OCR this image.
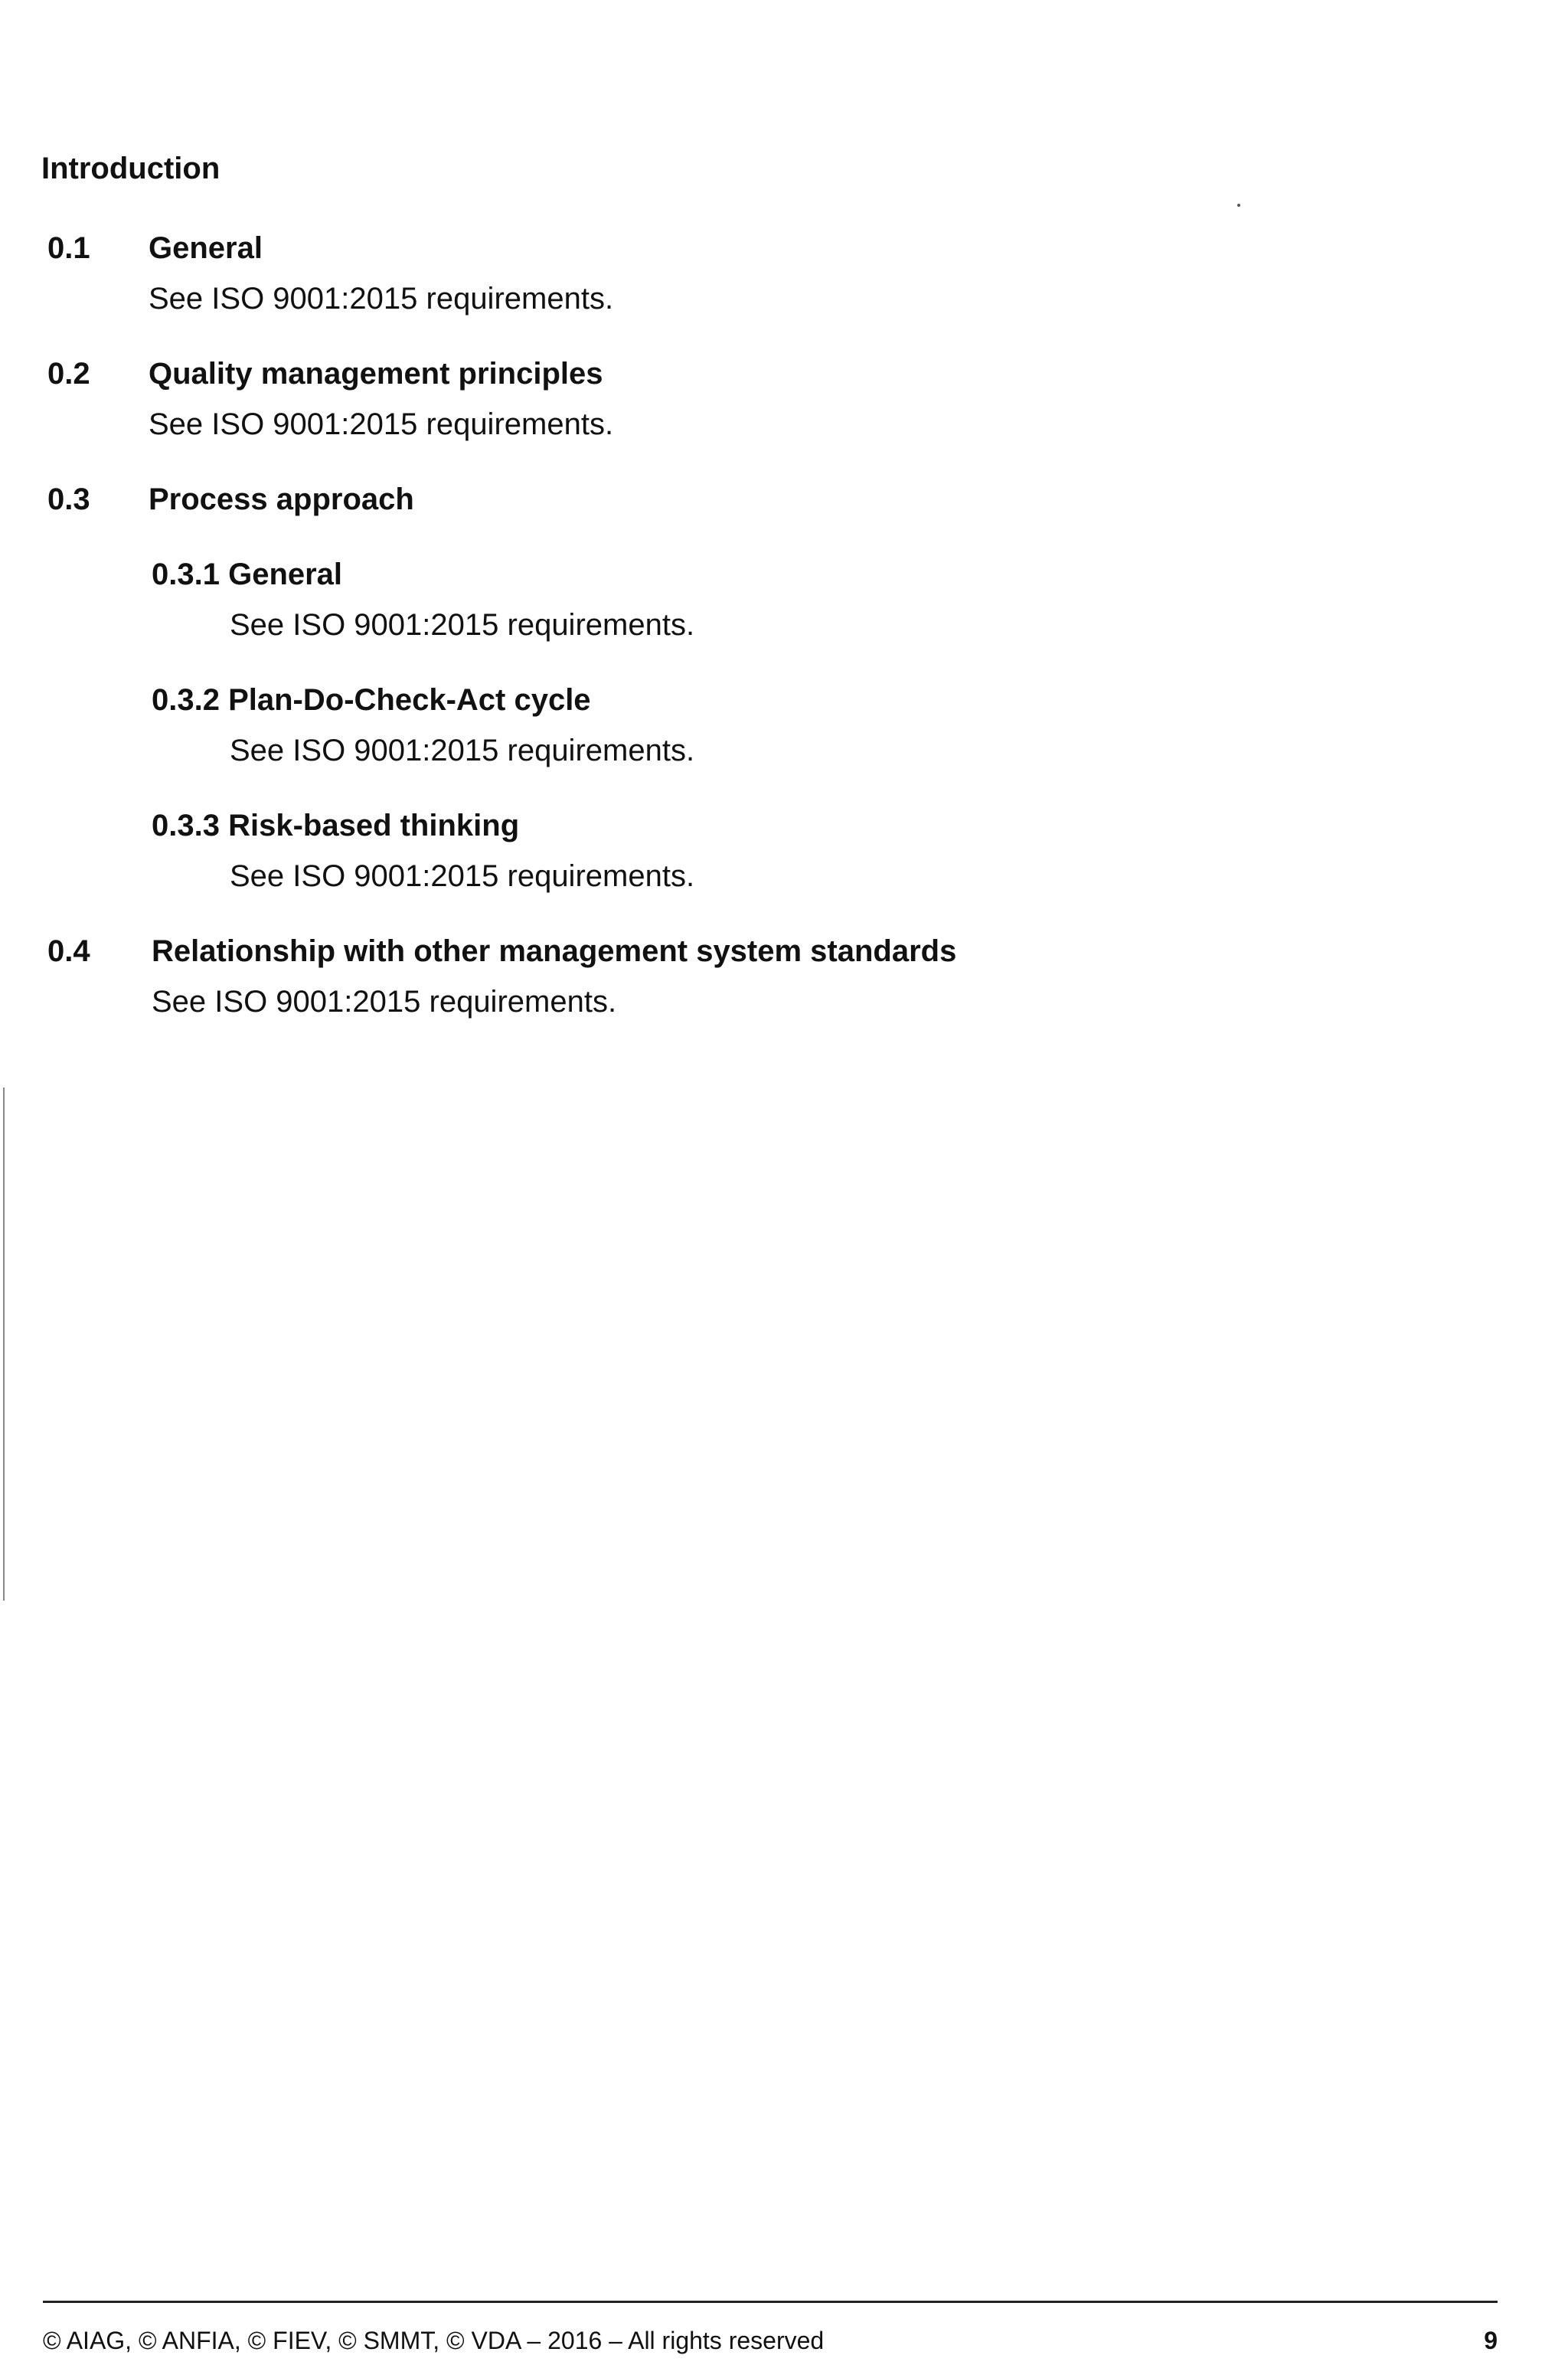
Introduction
0.1 General
See ISO 9001:2015 requirements.
0.2 Quality management principles
See ISO 9001:2015 requirements.
0.3 Process approach
0.3.1 General
See ISO 9001:2015 requirements.
0.3.2 Plan-Do-Check-Act cycle
See ISO 9001:2015 requirements.
0.3.3 Risk-based thinking
See ISO 9001:2015 requirements.
0.4 Relationship with other management system standards
See ISO 9001:2015 requirements.
© AIAG, © ANFIA, © FIEV, © SMMT, © VDA – 2016 – All rights reserved	9
